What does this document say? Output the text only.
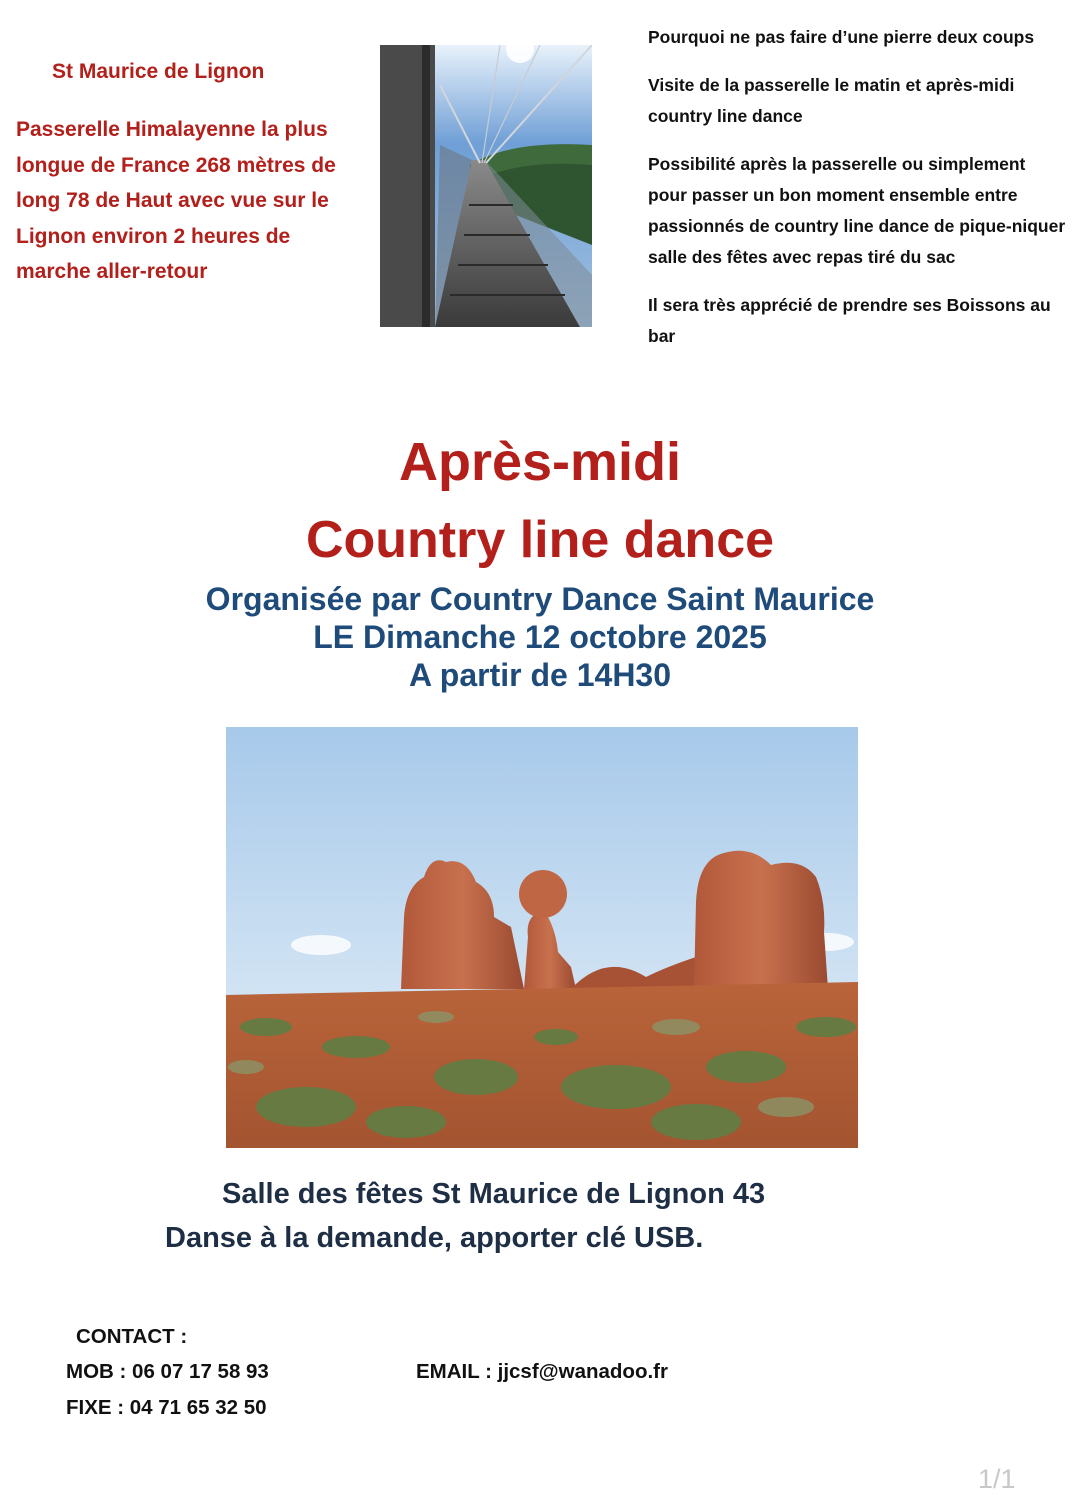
St Maurice de Lignon
Passerelle Himalayenne la plus longue de France 268 mètres de long 78 de Haut avec vue sur le Lignon environ 2 heures de marche aller-retour

Pourquoi ne pas faire d’une pierre deux coups

Visite de la passerelle le matin et après-midi country line dance

Possibilité après la passerelle ou simplement pour passer un bon moment ensemble entre passionnés de country line dance de pique-niquer salle des fêtes avec repas tiré du sac

Il sera très apprécié de prendre ses Boissons au bar

Après-midi
Country line dance
Organisée par Country Dance Saint Maurice
LE Dimanche 12 octobre 2025
A partir de 14H30
Salle des fêtes St Maurice de Lignon 43
Danse à la demande, apporter clé USB.
CONTACT :
MOB : 06 07 17 58 93	EMAIL : jjcsf@wanadoo.fr
FIXE : 04 71 65 32 50
1/1
